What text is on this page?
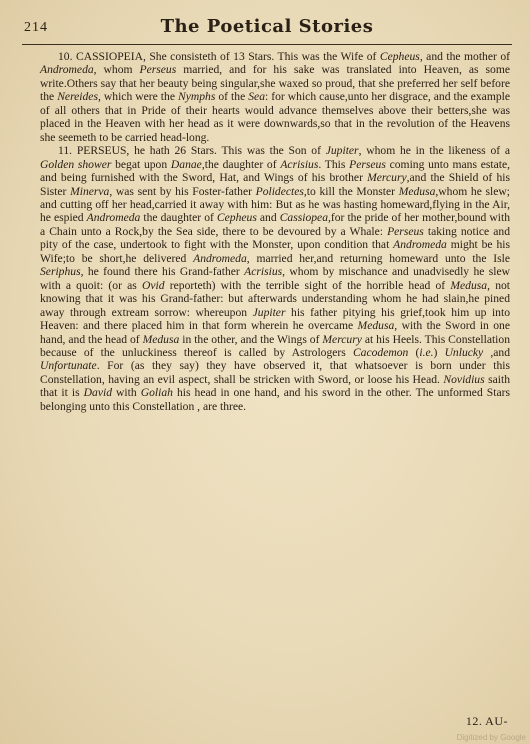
214	The Poetical Stories

10. CASSIOPEIA, She consisteth of 13 Stars. This was the Wife of Cepheus, and the mother of Andromeda, whom Perseus married, and for his sake was translated into Heaven, as some write.Others say that her beauty being singular,she waxed so proud, that she preferred her self before the Nereides, which were the Nymphs of the Sea: for which cause,unto her disgrace, and the example of all others that in Pride of their hearts would advance themselves above their betters,she was placed in the Heaven with her head as it were downwards,so that in the revolution of the Heavens she seemeth to be carried head-long.

11. PERSEUS, he hath 26 Stars. This was the Son of Jupiter, whom he in the likeness of a Golden shower begat upon Danae,the daughter of Acrisius. This Perseus coming unto mans estate, and being furnished with the Sword, Hat, and Wings of his brother Mercury,and the Shield of his Sister Minerva, was sent by his Foster-father Polidectes,to kill the Monster Medusa,whom he slew; and cutting off her head,carried it away with him: But as he was hasting homeward,flying in the Air, he espied Andromeda the daughter of Cepheus and Cassiopea,for the pride of her mother,bound with a Chain unto a Rock,by the Sea side, there to be devoured by a Whale: Perseus taking notice and pity of the case, undertook to fight with the Monster, upon condition that Andromeda might be his Wife;to be short,he delivered Andromeda, married her,and returning homeward unto the Isle Seriphus, he found there his Grand-father Acrisius, whom by mischance and unadvisedly he slew with a quoit: (or as Ovid reporteth) with the terrible sight of the horrible head of Medusa, not knowing that it was his Grand-father: but afterwards understanding whom he had slain,he pined away through extream sorrow: whereupon Jupiter his father pitying his grief,took him up into Heaven: and there placed him in that form wherein he overcame Medusa, with the Sword in one hand, and the head of Medusa in the other, and the Wings of Mercury at his Heels. This Constellation because of the unluckiness thereof is called by Astrologers Cacodemon (i.e.) Unlucky ,and Unfortunate. For (as they say) they have observed it, that whatsoever is born under this Constellation, having an evil aspect, shall be stricken with Sword, or loose his Head. Novidius saith that it is David with Goliah his head in one hand, and his sword in the other. The unformed Stars belonging unto this Constellation , are three.

12. AU-
Digitized by Google
